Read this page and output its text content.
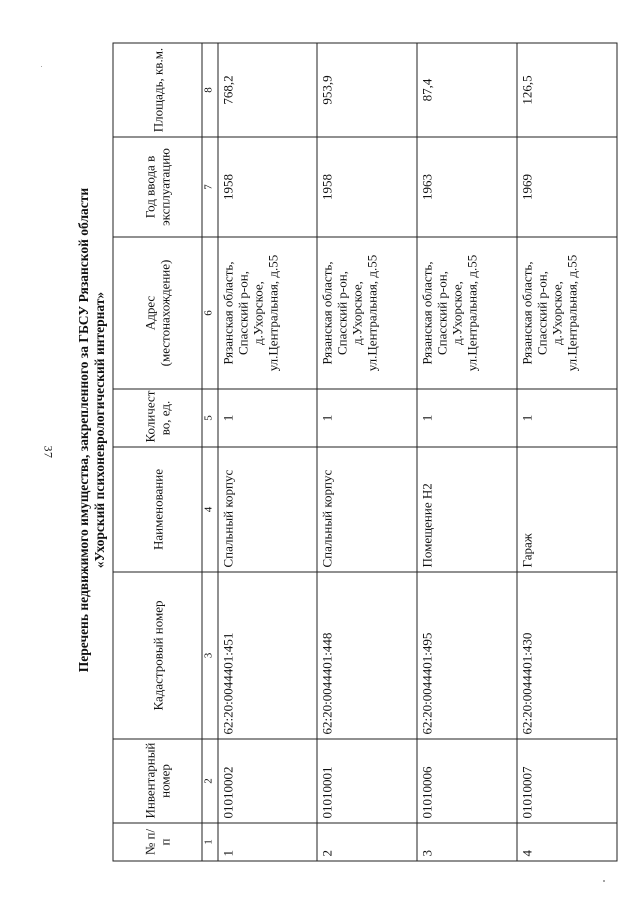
37 Перечень недвижимого имущества, закрепленного за ГБСУ Рязанской области «Ухорский психоневрологический интернат»
№ п/п	Инвентарный номер	Кадастровый номер	Наименование	Количест во, ед.	Адрес (местонахождение)	Год ввода в эксплуатацию	Площадь, кв.м.
1	2	3	4	5	6	7	8
1	01010002	62:20:0044401:451	Спальный корпус	1	Рязанская область, Спасский р-он, д.Ухорское, ул.Центральная, д.55	1958	768,2
2	01010001	62:20:0044401:448	Спальный корпус	1	Рязанская область, Спасский р-он, д.Ухорское, ул.Центральная, д.55	1958	953,9
3	01010006	62:20:0044401:495	Помещение Н2	1	Рязанская область, Спасский р-он, д.Ухорское, ул.Центральная, д.55	1963	87,4
4	01010007	62:20:0044401:430	Гараж	1	Рязанская область, Спасский р-он, д.Ухорское, ул.Центральная, д.55	1969	126,5
